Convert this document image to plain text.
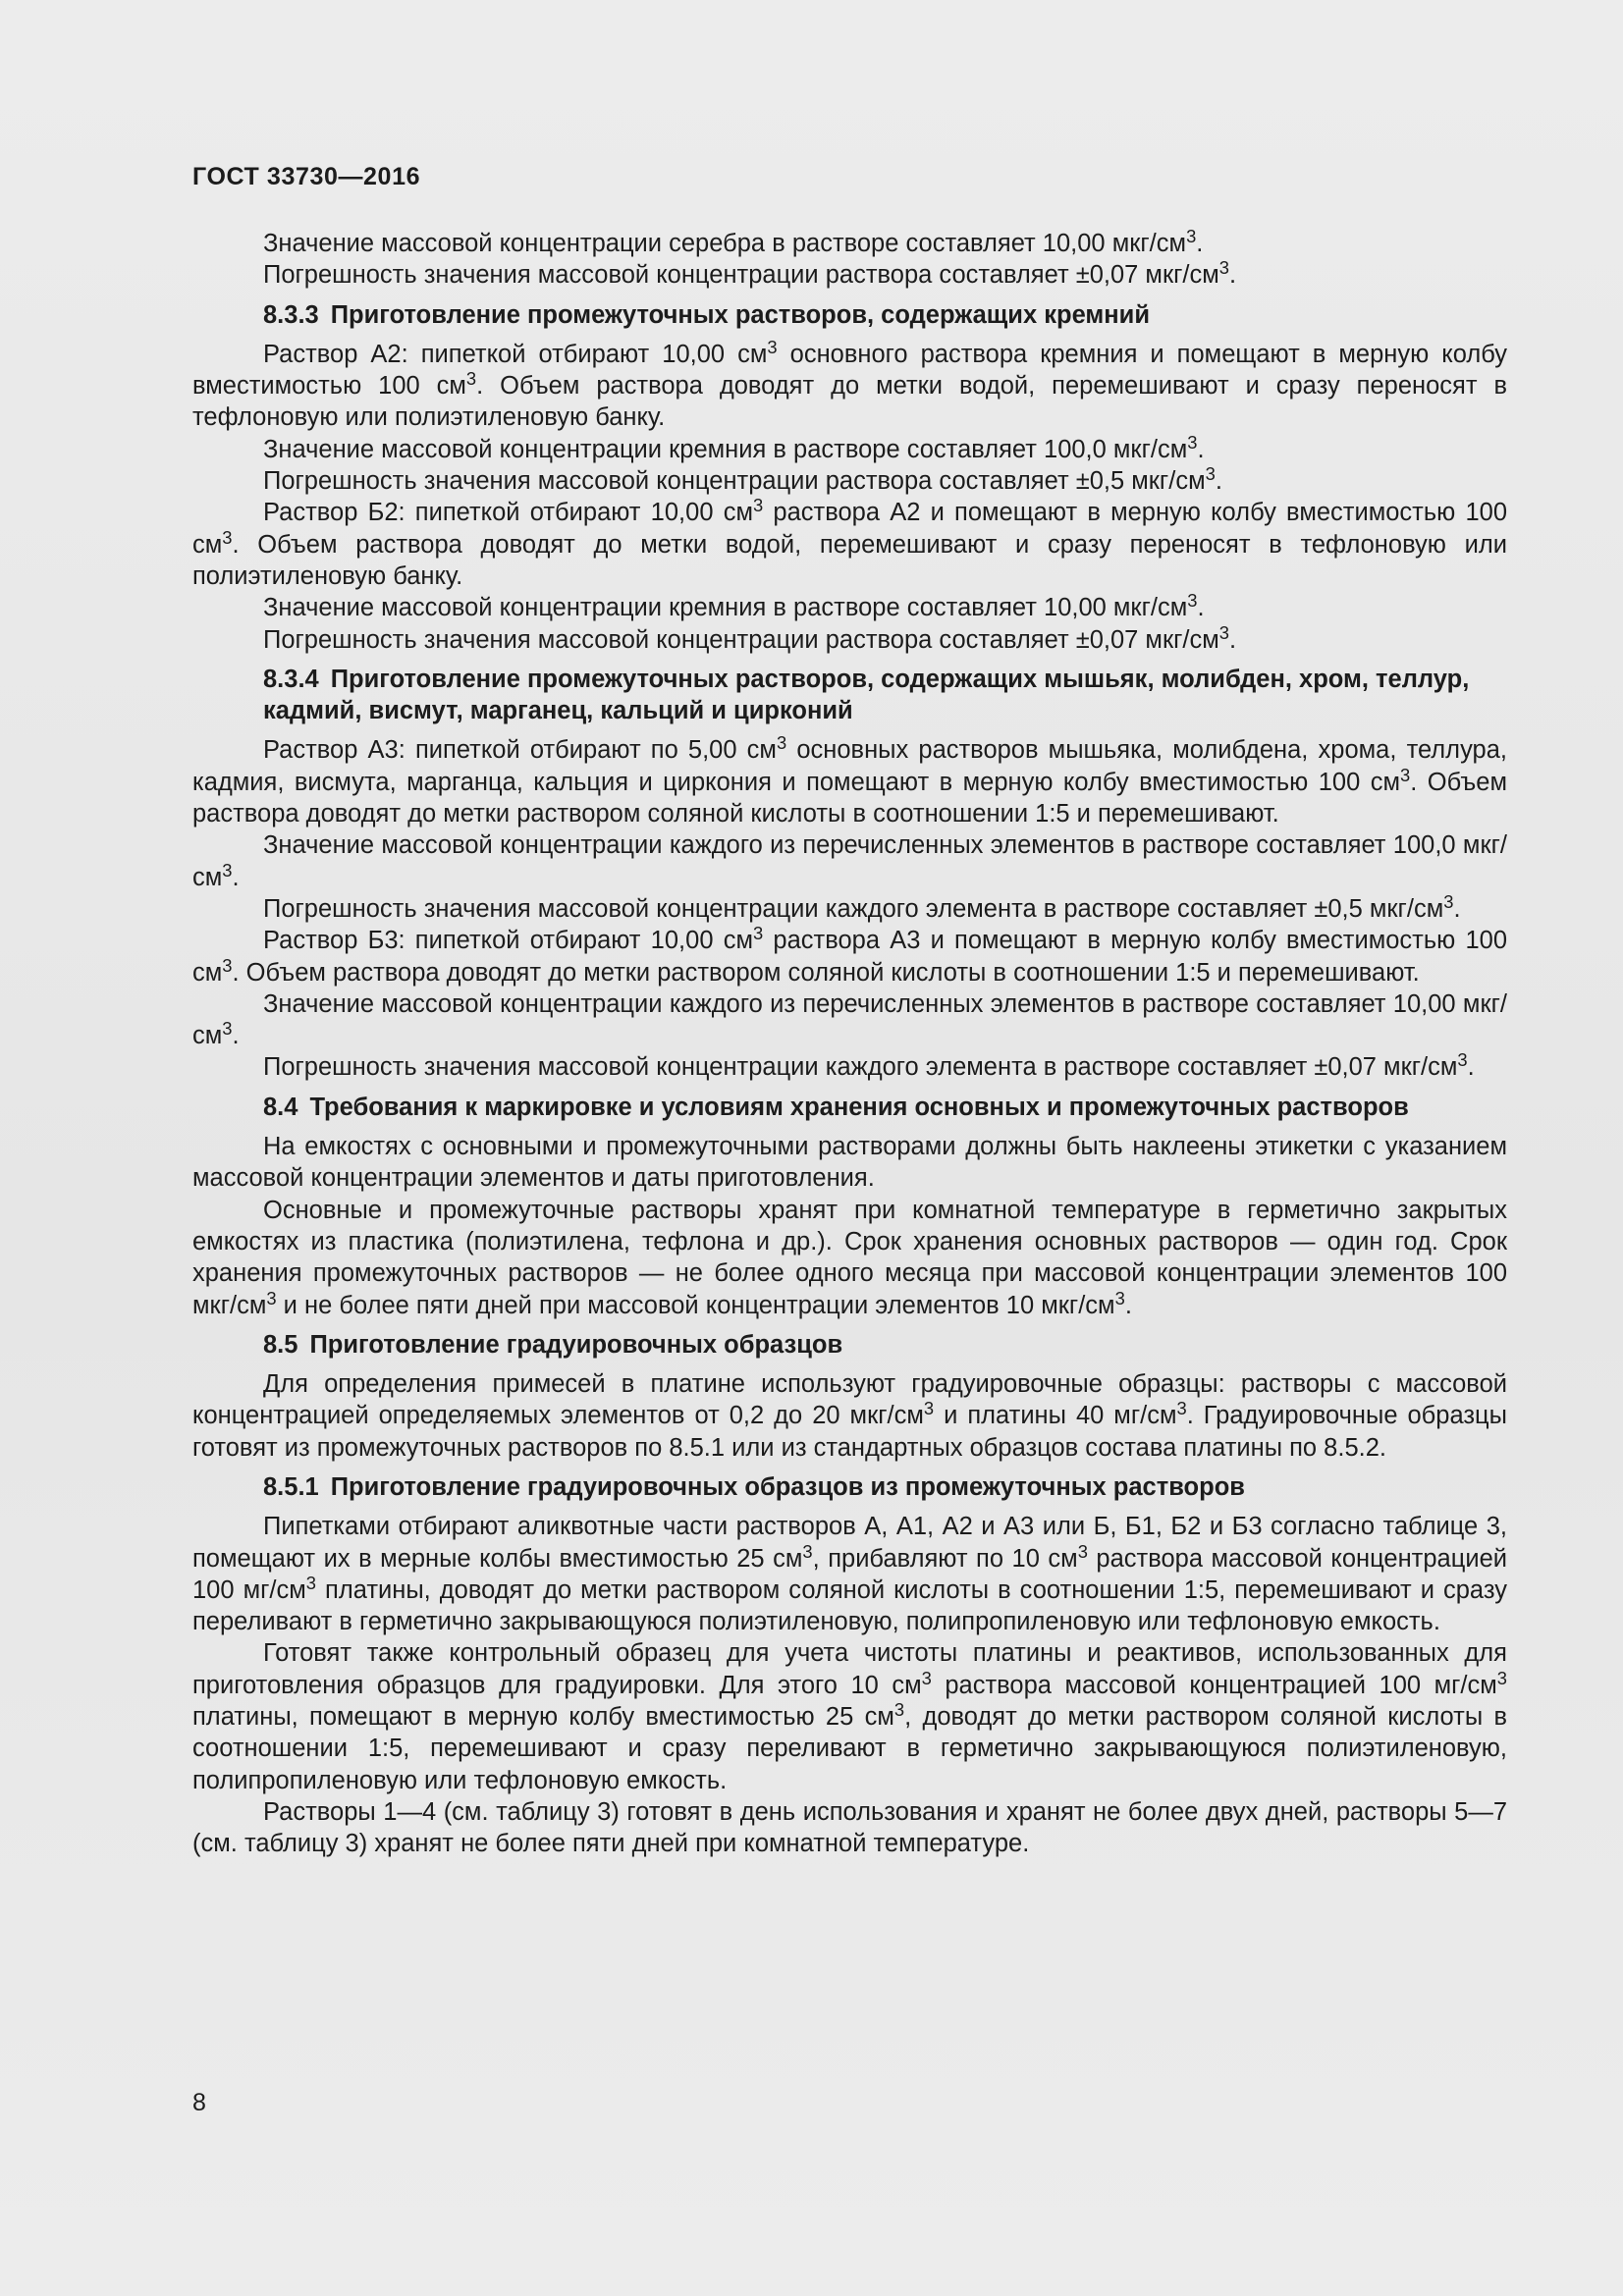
ГОСТ 33730—2016

Значение массовой концентрации серебра в растворе составляет 10,00 мкг/$см^3$.

Погрешность значения массовой концентрации раствора составляет ±0,07 мкг/$см^3$.

8.3.3 Приготовление промежуточных растворов, содержащих кремний

Раствор А2: пипеткой отбирают 10,00 $см^3$ основного раствора кремния и помещают в мерную колбу вместимостью 100 $см^3$. Объем раствора доводят до метки водой, перемешивают и сразу переносят в тефлоновую или полиэтиленовую банку.

Значение массовой концентрации кремния в растворе составляет 100,0 мкг/$см^3$.

Погрешность значения массовой концентрации раствора составляет ±0,5 мкг/$см^3$.

Раствор Б2: пипеткой отбирают 10,00 $см^3$ раствора А2 и помещают в мерную колбу вместимостью 100 $см^3$. Объем раствора доводят до метки водой, перемешивают и сразу переносят в тефлоновую или полиэтиленовую банку.

Значение массовой концентрации кремния в растворе составляет 10,00 мкг/$см^3$.

Погрешность значения массовой концентрации раствора составляет ±0,07 мкг/$см^3$.

8.3.4 Приготовление промежуточных растворов, содержащих мышьяк, молибден, хром, теллур, кадмий, висмут, марганец, кальций и цирконий

Раствор А3: пипеткой отбирают по 5,00 $см^3$ основных растворов мышьяка, молибдена, хрома, теллура, кадмия, висмута, марганца, кальция и циркония и помещают в мерную колбу вместимостью 100 $см^3$. Объем раствора доводят до метки раствором соляной кислоты в соотношении 1:5 и перемешивают.

Значение массовой концентрации каждого из перечисленных элементов в растворе составляет 100,0 мкг/$см^3$.

Погрешность значения массовой концентрации каждого элемента в растворе составляет ±0,5 мкг/$см^3$.

Раствор Б3: пипеткой отбирают 10,00 $см^3$ раствора А3 и помещают в мерную колбу вместимостью 100 $см^3$. Объем раствора доводят до метки раствором соляной кислоты в соотношении 1:5 и перемешивают.

Значение массовой концентрации каждого из перечисленных элементов в растворе составляет 10,00 мкг/$см^3$.

Погрешность значения массовой концентрации каждого элемента в растворе составляет ±0,07 мкг/$см^3$.

8.4 Требования к маркировке и условиям хранения основных и промежуточных растворов

На емкостях с основными и промежуточными растворами должны быть наклеены этикетки с указанием массовой концентрации элементов и даты приготовления.

Основные и промежуточные растворы хранят при комнатной температуре в герметично закрытых емкостях из пластика (полиэтилена, тефлона и др.). Срок хранения основных растворов — один год. Срок хранения промежуточных растворов — не более одного месяца при массовой концентрации элементов 100 мкг/$см^3$ и не более пяти дней при массовой концентрации элементов 10 мкг/$см^3$.

8.5 Приготовление градуировочных образцов

Для определения примесей в платине используют градуировочные образцы: растворы с массовой концентрацией определяемых элементов от 0,2 до 20 мкг/$см^3$ и платины 40 $мг/см^3$. Градуировочные образцы готовят из промежуточных растворов по 8.5.1 или из стандартных образцов состава платины по 8.5.2.

8.5.1 Приготовление градуировочных образцов из промежуточных растворов

Пипетками отбирают аликвотные части растворов А, А1, А2 и А3 или Б, Б1, Б2 и Б3 согласно таблице 3, помещают их в мерные колбы вместимостью 25 $см^3$, прибавляют по 10 $см^3$ раствора массовой концентрацией 100 $мг/см^3$ платины, доводят до метки раствором соляной кислоты в соотношении 1:5, перемешивают и сразу переливают в герметично закрывающуюся полиэтиленовую, полипропиленовую или тефлоновую емкость.

Готовят также контрольный образец для учета чистоты платины и реактивов, использованных для приготовления образцов для градуировки. Для этого 10 $см^3$ раствора массовой концентрацией 100 $мг/см^3$ платины, помещают в мерную колбу вместимостью 25 $см^3$, доводят до метки раствором соляной кислоты в соотношении 1:5, перемешивают и сразу переливают в герметично закрывающуюся полиэтиленовую, полипропиленовую или тефлоновую емкость.

Растворы 1—4 (см. таблицу 3) готовят в день использования и хранят не более двух дней, растворы 5—7 (см. таблицу 3) хранят не более пяти дней при комнатной температуре.

8
